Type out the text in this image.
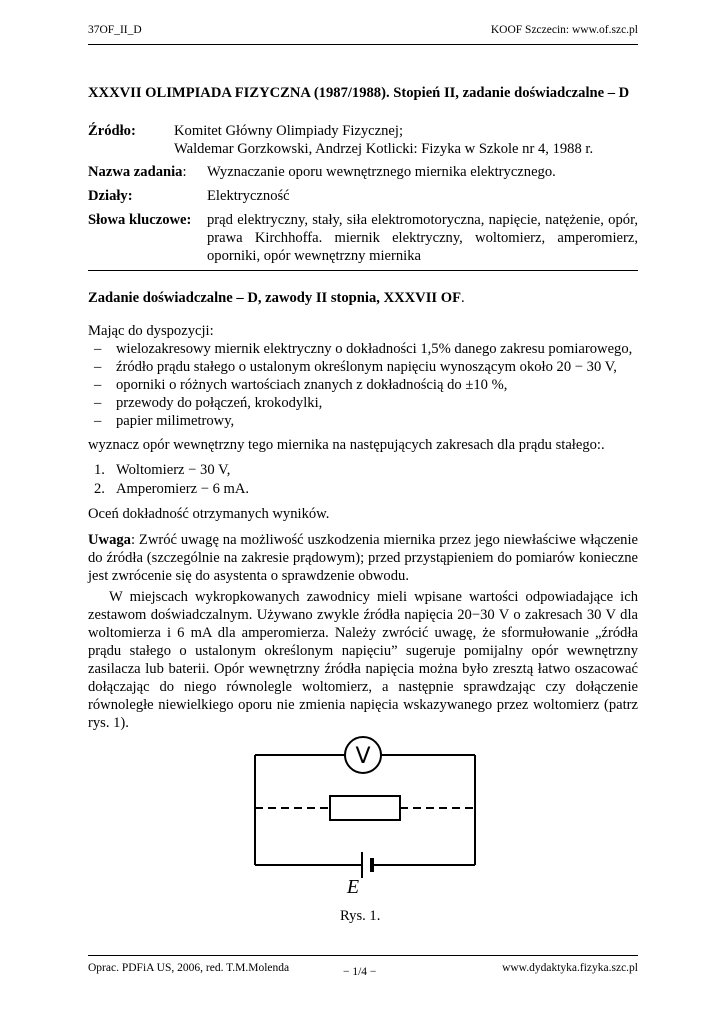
37OF_II_D	KOOF Szczecin: www.of.szc.pl
XXXVII OLIMPIADA FIZYCZNA (1987/1988). Stopień II, zadanie doświadczalne – D
Źródło:	Komitet Główny Olimpiady Fizycznej;
Waldemar Gorzkowski, Andrzej Kotlicki: Fizyka w Szkole nr 4, 1988 r.
Nazwa zadania: Wyznaczanie oporu wewnętrznego miernika elektrycznego.
Działy:	Elektryczność
Słowa kluczowe: prąd elektryczny, stały, siła elektromotoryczna, napięcie, natężenie, opór,
prawa Kirchhoffa. miernik elektryczny, woltomierz, amperomierz,
oporniki, opór wewnętrzny miernika
Zadanie doświadczalne – D, zawody II stopnia, XXXVII OF.
Mając do dyspozycji:
– wielozakresowy miernik elektryczny o dokładności 1,5% danego zakresu pomiarowego,
– źródło prądu stałego o ustalonym określonym napięciu wynoszącym około 20 − 30 V,
– oporniki o różnych wartościach znanych z dokładnością do ±10 %,
– przewody do połączeń, krokodylki,
– papier milimetrowy,
wyznacz opór wewnętrzny tego miernika na następujących zakresach dla prądu stałego:.
1. Woltomierz − 30 V,
2. Amperomierz − 6 mA.
Oceń dokładność otrzymanych wyników.
Uwaga: Zwróć uwagę na możliwość uszkodzenia miernika przez jego niewłaściwe włączenie
do źródła (szczególnie na zakresie prądowym); przed przystąpieniem do pomiarów konieczne
jest zwrócenie się do asystenta o sprawdzenie obwodu.
W miejscach wykropkowanych zawodnicy mieli wpisane wartości odpowiadające ich
zestawom doświadczalnym. Używano zwykle źródła napięcia 20−30 V o zakresach 30 V dla
woltomierza i 6 mA dla amperomierza. Należy zwrócić uwagę, że sformułowanie „źródła
prądu stałego o ustalonym określonym napięciu” sugeruje pomijalny opór wewnętrzny
zasilacza lub baterii. Opór wewnętrzny źródła napięcia można było zresztą łatwo oszacować
dołączając do niego równolegle woltomierz, a następnie sprawdzając czy dołączenie
równoległe niewielkiego oporu nie zmienia napięcia wskazywanego przez woltomierz (patrz
rys. 1).
V
E
Rys. 1.
Oprac. PDFiA US, 2006, red. T.M.Molenda	− 1/4 −	www.dydaktyka.fizyka.szc.pl
